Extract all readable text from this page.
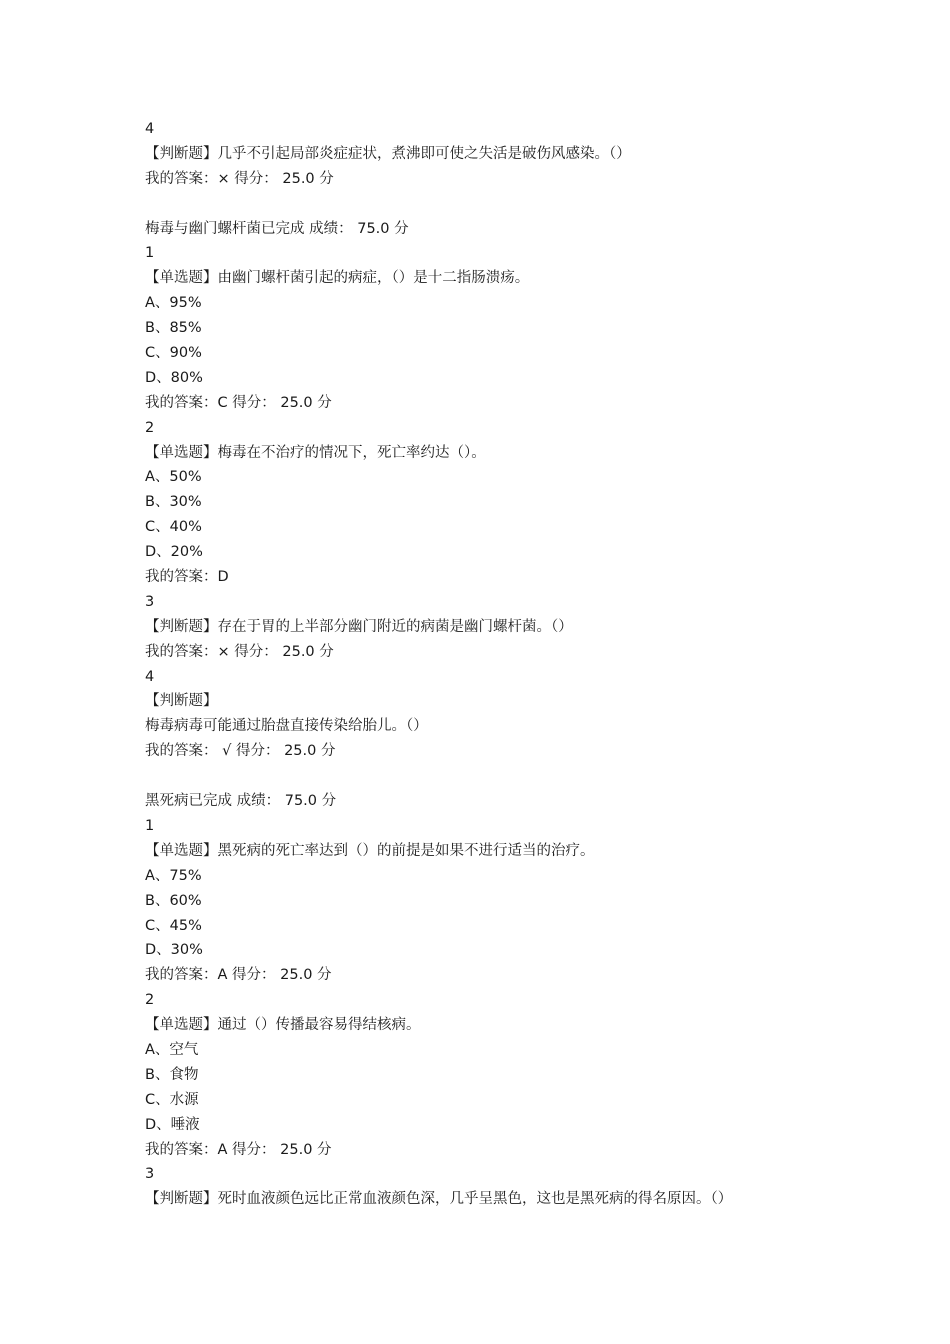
4
【判断题】几乎不引起局部炎症症状，煮沸即可使之失活是破伤风感染。（）
我的答案：× 得分： 25.0 分
梅毒与幽门螺杆菌已完成 成绩： 75.0 分
1
【单选题】由幽门螺杆菌引起的病症，（）是十二指肠溃疡。
A、95%
B、85%
C、90%
D、80%
我的答案：C 得分： 25.0 分
2
【单选题】梅毒在不治疗的情况下，死亡率约达（）。
A、50%
B、30%
C、40%
D、20%
我的答案：D
3
【判断题】存在于胃的上半部分幽门附近的病菌是幽门螺杆菌。（）
我的答案：× 得分： 25.0 分
4
【判断题】
梅毒病毒可能通过胎盘直接传染给胎儿。（）
我的答案： √ 得分： 25.0 分
黑死病已完成 成绩： 75.0 分
1
【单选题】黑死病的死亡率达到（）的前提是如果不进行适当的治疗。
A、75%
B、60%
C、45%
D、30%
我的答案：A 得分： 25.0 分
2
【单选题】通过（）传播最容易得结核病。
A、空气
B、食物
C、水源
D、唾液
我的答案：A 得分： 25.0 分
3
【判断题】死时血液颜色远比正常血液颜色深，几乎呈黑色，这也是黑死病的得名原因。（）
